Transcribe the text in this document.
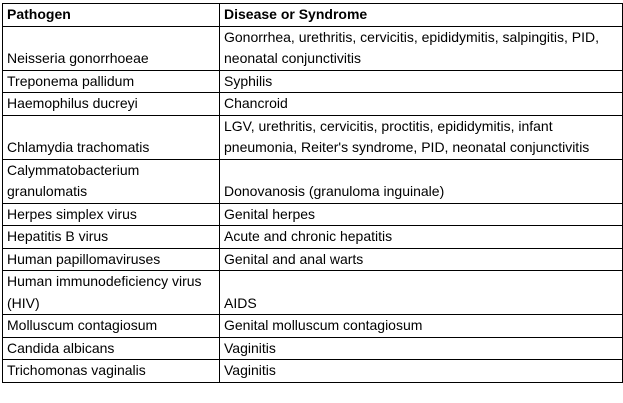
Pathogen	Disease or Syndrome
Neisseria gonorrhoeae	Gonorrhea, urethritis, cervicitis, epididymitis, salpingitis, PID, neonatal conjunctivitis
Treponema pallidum	Syphilis
Haemophilus ducreyi	Chancroid
Chlamydia trachomatis	LGV, urethritis, cervicitis, proctitis, epididymitis, infant pneumonia, Reiter's syndrome, PID, neonatal conjunctivitis
Calymmatobacterium granulomatis	Donovanosis (granuloma inguinale)
Herpes simplex virus	Genital herpes
Hepatitis B virus	Acute and chronic hepatitis
Human papillomaviruses	Genital and anal warts
Human immunodeficiency virus (HIV)	AIDS
Molluscum contagiosum	Genital molluscum contagiosum
Candida albicans	Vaginitis
Trichomonas vaginalis	Vaginitis
